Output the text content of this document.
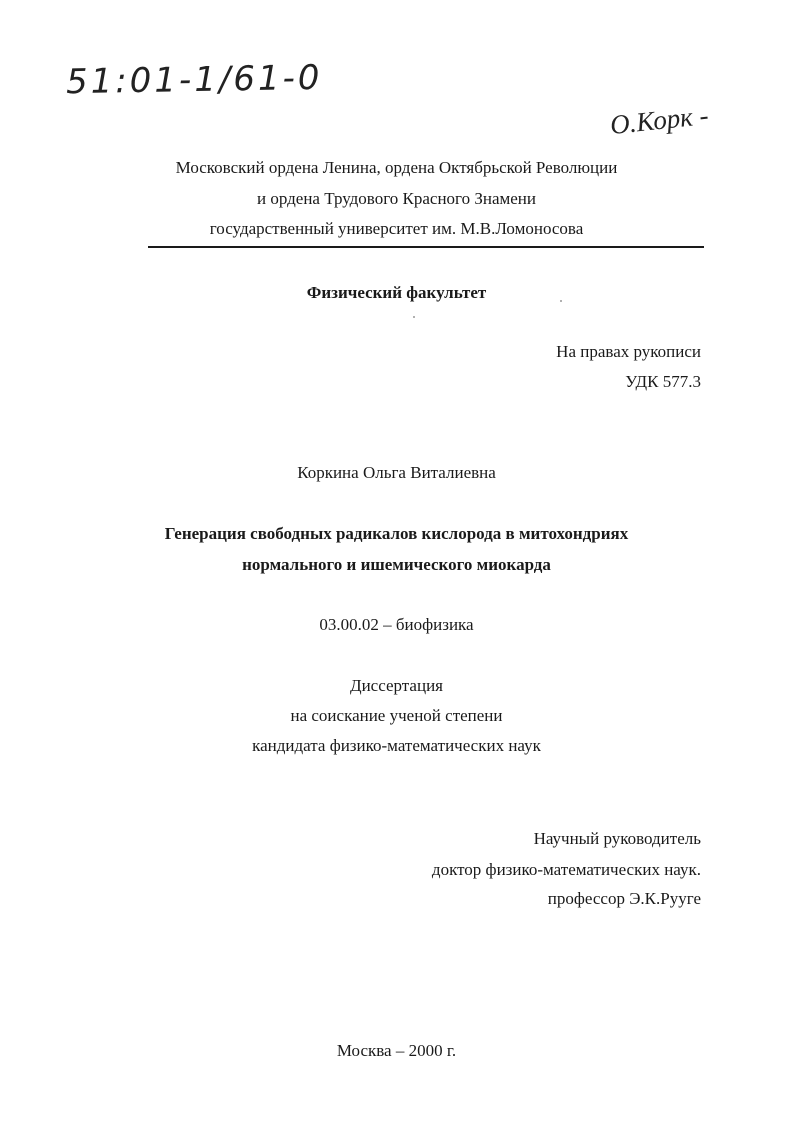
51:01-1/61-0
О.Корк -
Московский ордена Ленина, ордена Октябрьской Революции
и ордена Трудового Красного Знамени
государственный университет им. М.В.Ломоносова
Физический факультет
На правах рукописи
УДК 577.3
Коркина Ольга Виталиевна
Генерация свободных радикалов кислорода в митохондриях
нормального и ишемического миокарда
03.00.02 – биофизика
Диссертация
на соискание ученой степени
кандидата физико-математических наук
Научный руководитель
доктор физико-математических наук.
профессор Э.К.Рууге
Москва – 2000 г.
